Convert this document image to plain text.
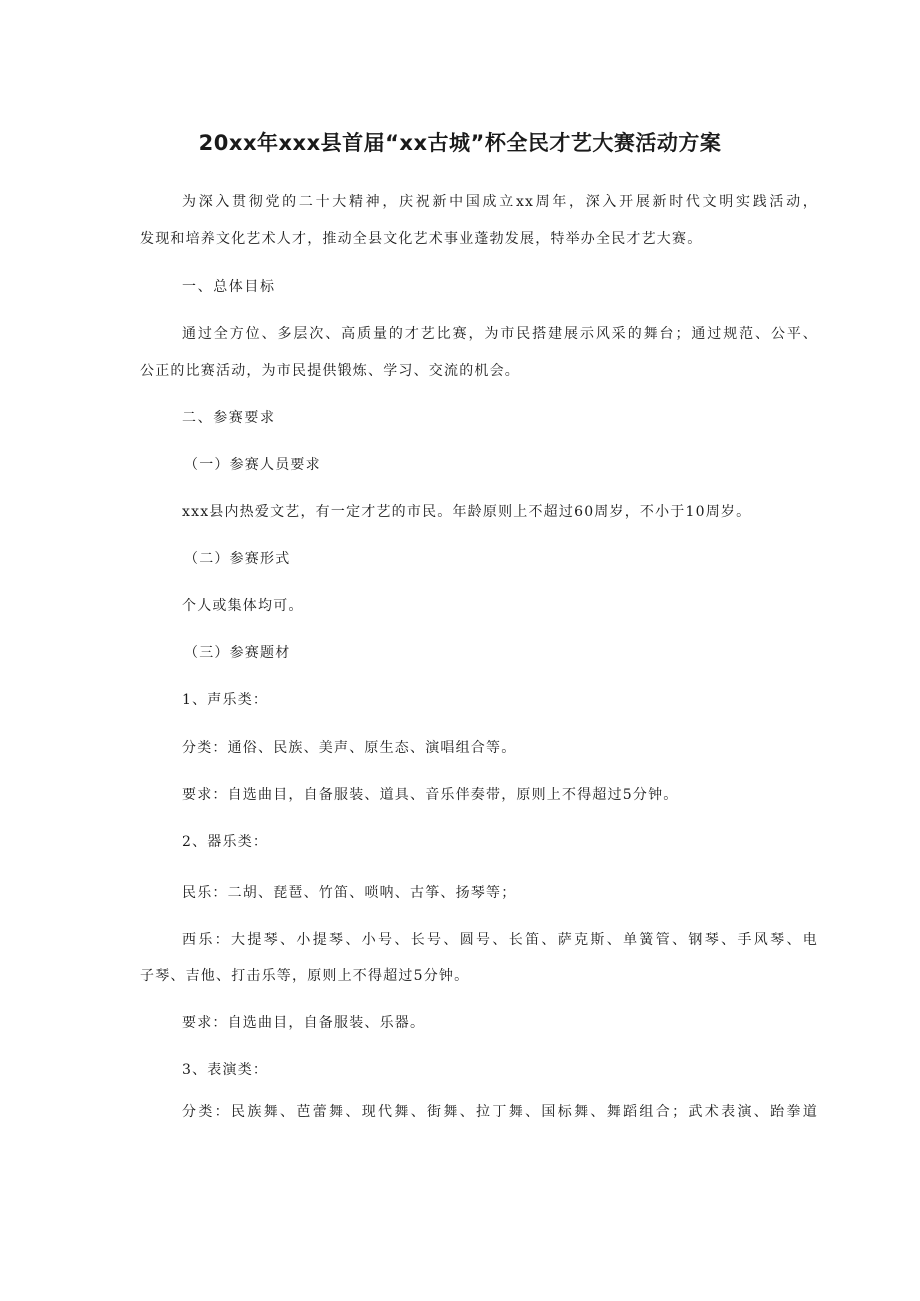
20xx年xxx县首届“xx古城”杯全民才艺大赛活动方案
为深入贯彻党的二十大精神，庆祝新中国成立xx周年，深入开展新时代文明实践活动，
发现和培养文化艺术人才，推动全县文化艺术事业蓬勃发展，特举办全民才艺大赛。
一、总体目标
通过全方位、多层次、高质量的才艺比赛，为市民搭建展示风采的舞台；通过规范、公平、
公正的比赛活动，为市民提供锻炼、学习、交流的机会。
二、参赛要求
（一）参赛人员要求
xxx县内热爱文艺，有一定才艺的市民。年龄原则上不超过60周岁，不小于10周岁。
（二）参赛形式
个人或集体均可。
（三）参赛题材
1、声乐类：
分类：通俗、民族、美声、原生态、演唱组合等。
要求：自选曲目，自备服装、道具、音乐伴奏带，原则上不得超过5分钟。
2、器乐类：
民乐：二胡、琵琶、竹笛、唢呐、古筝、扬琴等；
西乐：大提琴、小提琴、小号、长号、圆号、长笛、萨克斯、单簧管、钢琴、手风琴、电
子琴、吉他、打击乐等，原则上不得超过5分钟。
要求：自选曲目，自备服装、乐器。
3、表演类：
分类：民族舞、芭蕾舞、现代舞、街舞、拉丁舞、国标舞、舞蹈组合；武术表演、跆拳道
